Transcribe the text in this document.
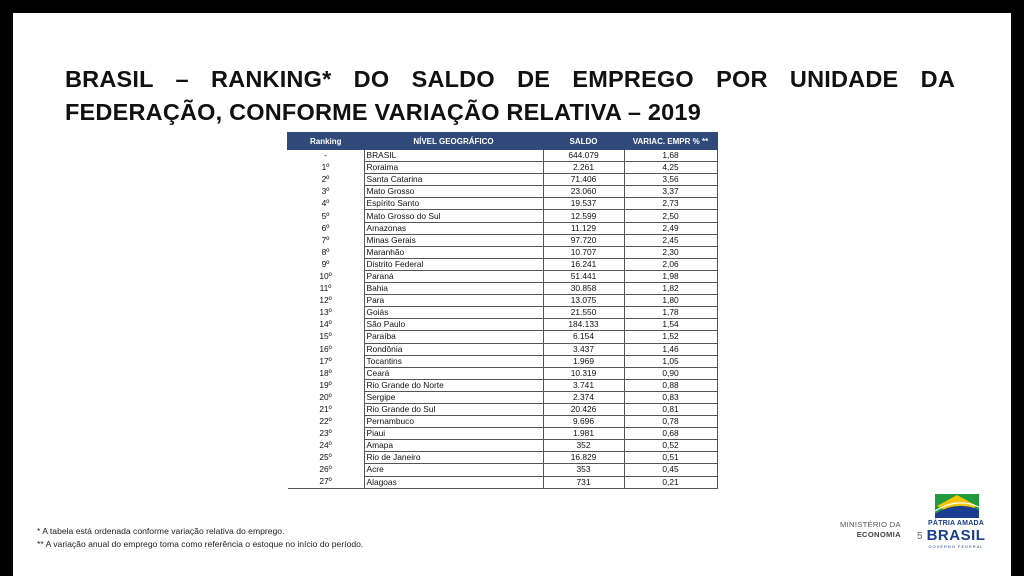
BRASIL – RANKING* DO SALDO DE EMPREGO POR UNIDADE DA FEDERAÇÃO, CONFORME VARIAÇÃO RELATIVA – 2019
Ranking	NÍVEL GEOGRÁFICO	SALDO	VARIAC. EMPR % **
-	BRASIL	644.079	1,68
1º	Roraima	2.261	4,25
2º	Santa Catarina	71.406	3,56
3º	Mato Grosso	23.060	3,37
4º	Espírito Santo	19.537	2,73
5º	Mato Grosso do Sul	12.599	2,50
6º	Amazonas	11.129	2,49
7º	Minas Gerais	97.720	2,45
8º	Maranhão	10.707	2,30
9º	Distrito Federal	16.241	2,06
10º	Paraná	51.441	1,98
11º	Bahia	30.858	1,82
12º	Para	13.075	1,80
13º	Goiás	21.550	1,78
14º	São Paulo	184.133	1,54
15º	Paraíba	6.154	1,52
16º	Rondônia	3.437	1,46
17º	Tocantins	1.969	1,05
18º	Ceará	10.319	0,90
19º	Rio Grande do Norte	3.741	0,88
20º	Sergipe	2.374	0,83
21º	Rio Grande do Sul	20.426	0,81
22º	Pernambuco	9.696	0,78
23º	Piaui	1.981	0,68
24º	Amapa	352	0,52
25º	Rio de Janeiro	16.829	0,51
26º	Acre	353	0,45
27º	Alagoas	731	0,21
* A tabela está ordenada conforme variação relativa do emprego.
** A variação anual do emprego toma como referência o estoque no início do período.
MINISTÉRIO DA
ECONOMIA 5
PÁTRIA AMADA
BRASIL
GOVERNO FEDERAL
